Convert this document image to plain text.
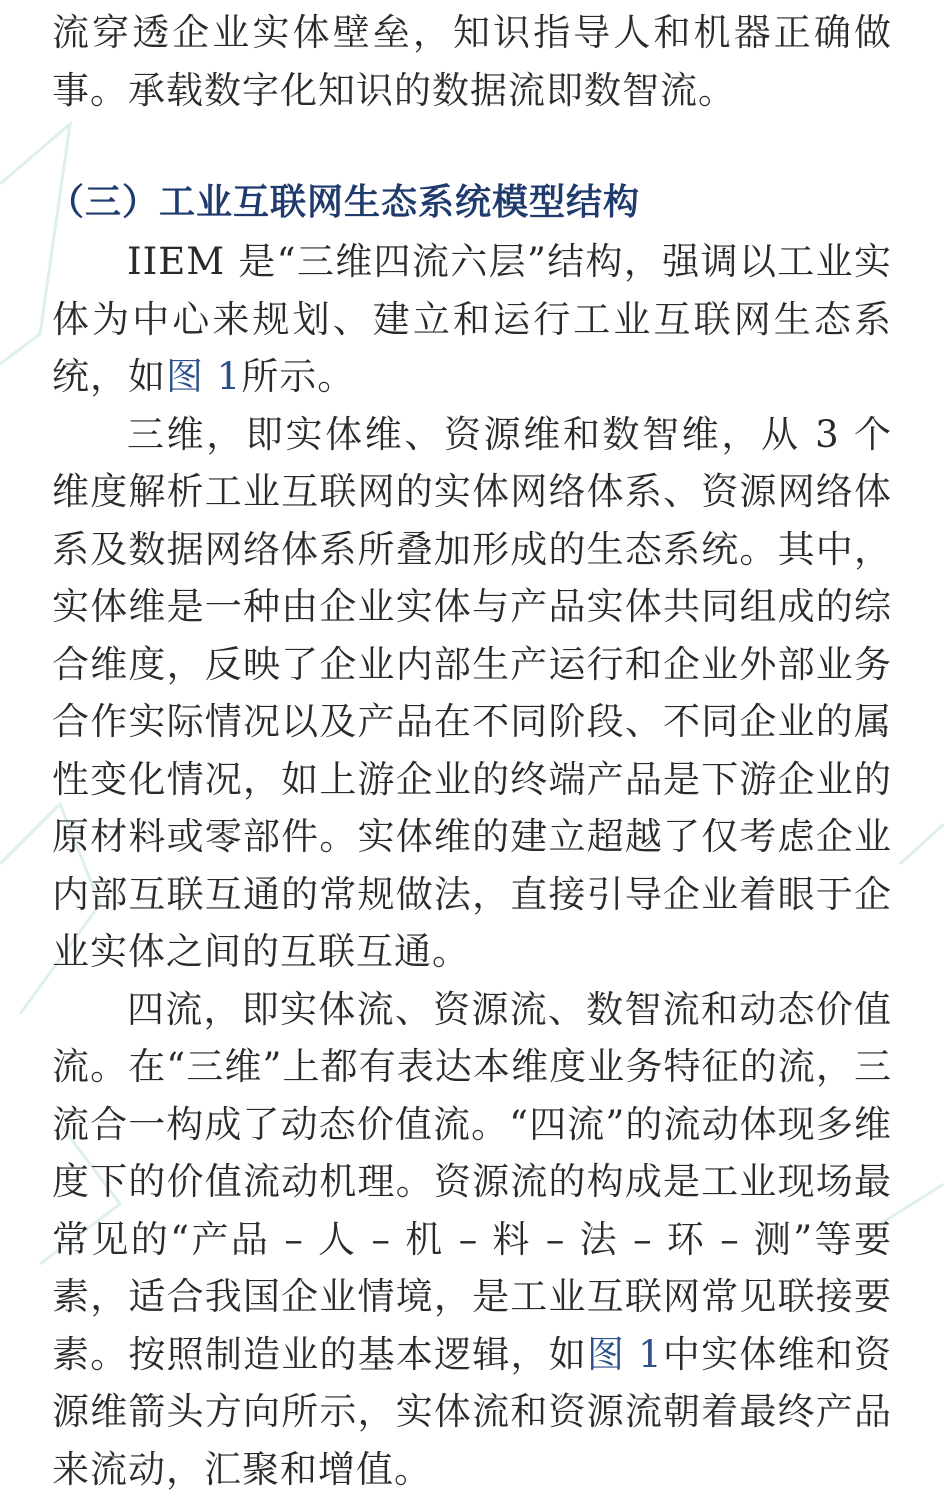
流穿透企业实体壁垒，知识指导人和机器正确做事。承载数字化知识的数据流即数智流。

（三）工业互联网生态系统模型结构

IIEM 是“三维四流六层”结构，强调以工业实体为中心来规划、建立和运行工业互联网生态系统，如图 1所示。

三维，即实体维、资源维和数智维，从 3 个维度解析工业互联网的实体网络体系、资源网络体系及数据网络体系所叠加形成的生态系统。其中，实体维是一种由企业实体与产品实体共同组成的综合维度，反映了企业内部生产运行和企业外部业务合作实际情况以及产品在不同阶段、不同企业的属性变化情况，如上游企业的终端产品是下游企业的原材料或零部件。实体维的建立超越了仅考虑企业内部互联互通的常规做法，直接引导企业着眼于企业实体之间的互联互通。

四流，即实体流、资源流、数智流和动态价值流。在“三维”上都有表达本维度业务特征的流，三流合一构成了动态价值流。“四流”的流动体现多维度下的价值流动机理。资源流的构成是工业现场最常见的“产品 – 人 – 机 – 料 – 法 – 环 – 测”等要素，适合我国企业情境，是工业互联网常见联接要素。按照制造业的基本逻辑，如图 1中实体维和资源维箭头方向所示，实体流和资源流朝着最终产品来流动，汇聚和增值。
